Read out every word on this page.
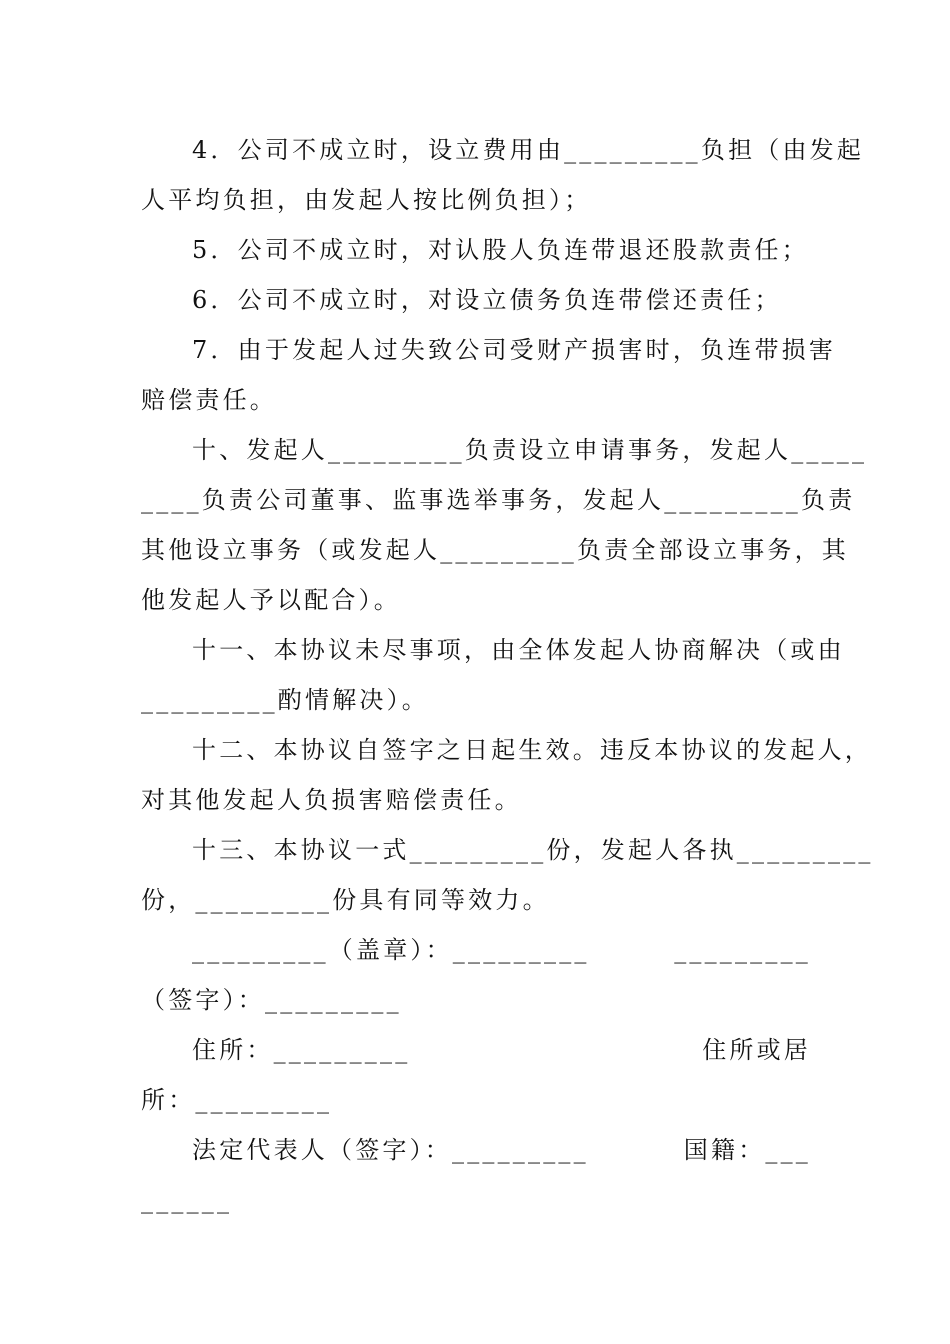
4．公司不成立时，设立费用由_________负担（由发起
人平均负担，由发起人按比例负担）；
5．公司不成立时，对认股人负连带退还股款责任；
6．公司不成立时，对设立债务负连带偿还责任；
7．由于发起人过失致公司受财产损害时，负连带损害
赔偿责任。
十、发起人_________负责设立申请事务，发起人_____
____负责公司董事、监事选举事务，发起人_________负责
其他设立事务（或发起人_________负责全部设立事务，其
他发起人予以配合）。
十一、本协议未尽事项，由全体发起人协商解决（或由
_________酌情解决）。
十二、本协议自签字之日起生效。违反本协议的发起人，
对其他发起人负损害赔偿责任。
十三、本协议一式_________份，发起人各执_________
份，_________份具有同等效力。
_________（盖章）：_________	_________
（签字）：_________
住所：_________	住所或居
所：_________
法定代表人（签字）：_________	国籍：___
______
